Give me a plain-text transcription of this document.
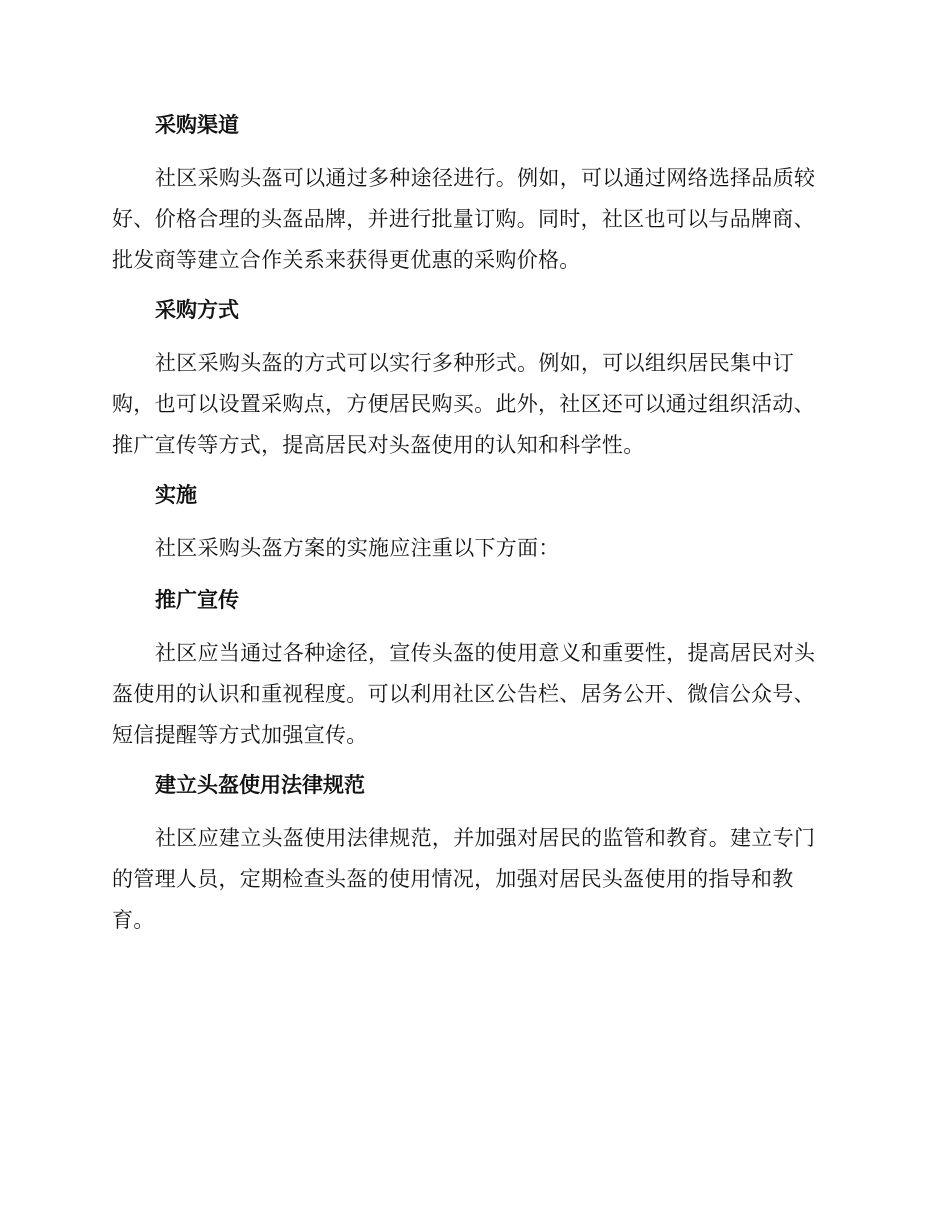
采购渠道
社区采购头盔可以通过多种途径进行。例如，可以通过网络选择品质较好、价格合理的头盔品牌，并进行批量订购。同时，社区也可以与品牌商、批发商等建立合作关系来获得更优惠的采购价格。
采购方式
社区采购头盔的方式可以实行多种形式。例如，可以组织居民集中订购，也可以设置采购点，方便居民购买。此外，社区还可以通过组织活动、推广宣传等方式，提高居民对头盔使用的认知和科学性。
实施
社区采购头盔方案的实施应注重以下方面：
推广宣传
社区应当通过各种途径，宣传头盔的使用意义和重要性，提高居民对头盔使用的认识和重视程度。可以利用社区公告栏、居务公开、微信公众号、短信提醒等方式加强宣传。
建立头盔使用法律规范
社区应建立头盔使用法律规范，并加强对居民的监管和教育。建立专门的管理人员，定期检查头盔的使用情况，加强对居民头盔使用的指导和教育。
